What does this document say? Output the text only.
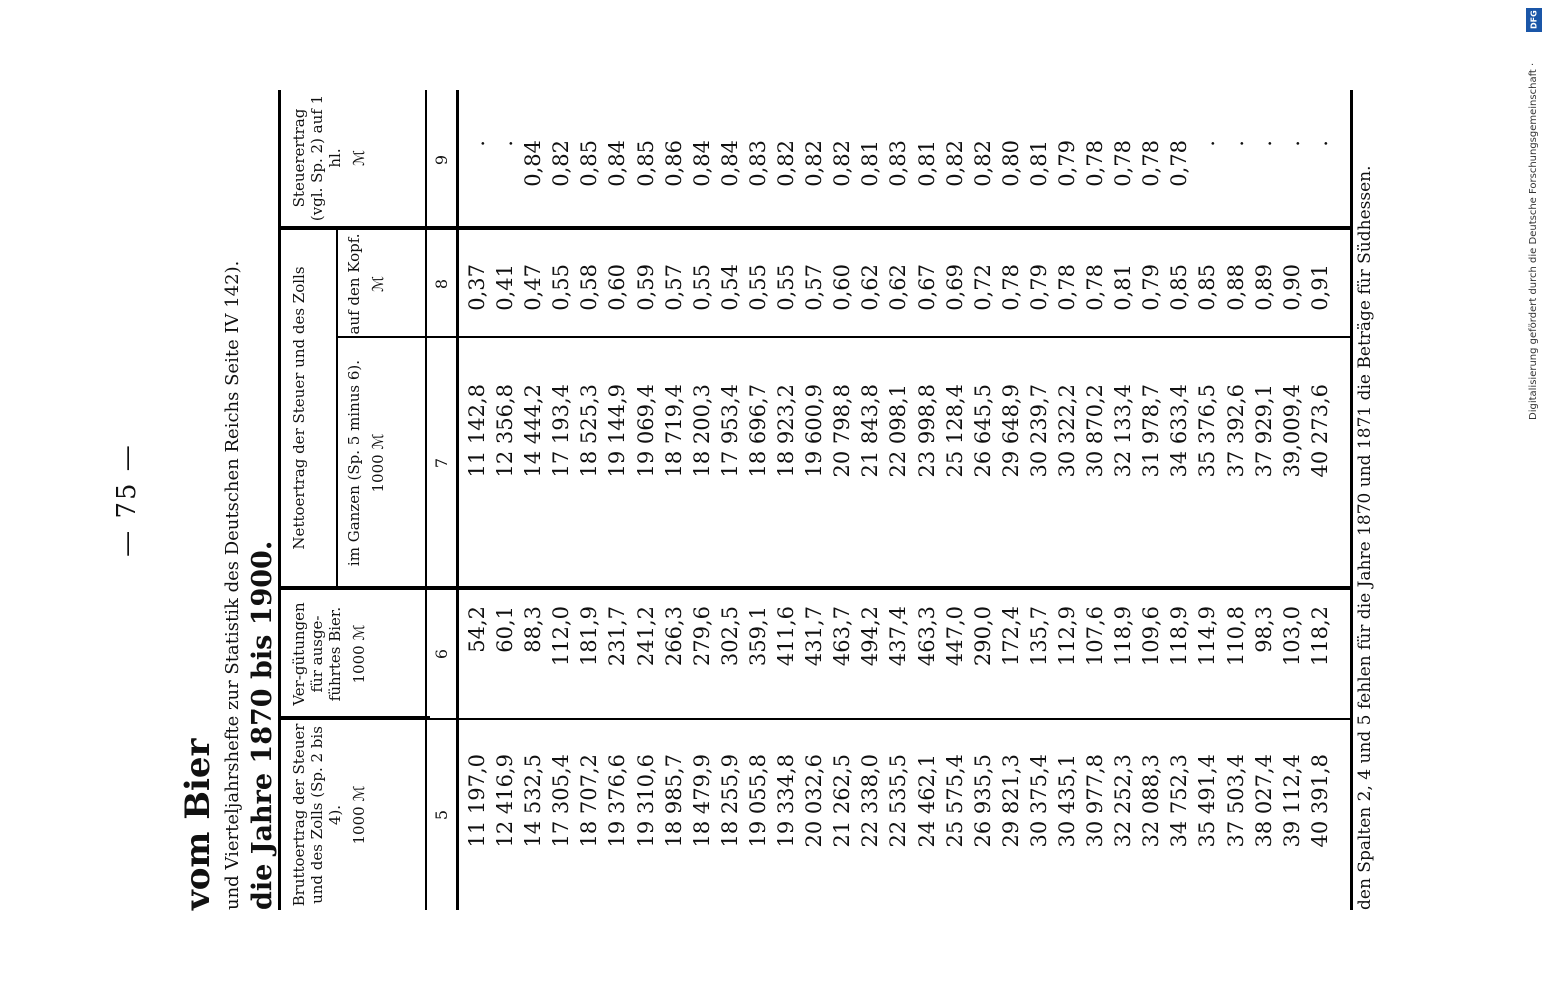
— 75 —
vom Bier und Vierteljahrshefte zur Statistik des Deutschen Reichs Seite IV 142). die Jahre 1870 bis 1900. Bruttoertrag der Steuer und des Zolls (Sp. 2 bis 4). 1000 ℳ
Ver-gütungen für ausge-führtes Bier. 1000 ℳ
Nettoertrag der Steuer und des Zolls im Ganzen (Sp. 5 minus 6). 1000 ℳ
auf den Kopf. ℳ
Steuerertrag (vgl. Sp. 2) auf 1 hl. ℳ
5
6
7
8
9
11 197,0 12 416,9 14 532,5 17 305,4 18 707,2 19 376,6 19 310,6 18 985,7 18 479,9 18 255,9 19 055,8 19 334,8 20 032,6 21 262,5 22 338,0 22 535,5 24 462,1 25 575,4 26 935,5 29 821,3 30 375,4 30 435,1 30 977,8 32 252,3 32 088,3 34 752,3 35 491,4 37 503,4 38 027,4 39 112,4 40 391,8
54,2 60,1 88,3 112,0 181,9 231,7 241,2 266,3 279,6 302,5 359,1 411,6 431,7 463,7 494,2 437,4 463,3 447,0 290,0 172,4 135,7 112,9 107,6 118,9 109,6 118,9 114,9 110,8 98,3 103,0 118,2
11 142,8 12 356,8 14 444,2 17 193,4 18 525,3 19 144,9 19 069,4 18 719,4 18 200,3 17 953,4 18 696,7 18 923,2 19 600,9 20 798,8 21 843,8 22 098,1 23 998,8 25 128,4 26 645,5 29 648,9 30 239,7 30 322,2 30 870,2 32 133,4 31 978,7 34 633,4 35 376,5 37 392,6 37 929,1 39,009,4 40 273,6
0,37 0,41 0,47 0,55 0,58 0,60 0,59 0,57 0,55 0,54 0,55 0,55 0,57 0,60 0,62 0,62 0,67 0,69 0,72 0,78 0,79 0,78 0,78 0,81 0,79 0,85 0,85 0,88 0,89 0,90 0,91
. . 0,84 0,82 0,85 0,84 0,85 0,86 0,84 0,84 0,83 0,82 0,82 0,82 0,81 0,83 0,81 0,82 0,82 0,80 0,81 0,79 0,78 0,78 0,78 0,78 . . . . .
den Spalten 2, 4 und 5 fehlen für die Jahre 1870 und 1871 die Beträge für Südhessen.
DFG
Digitalisierung gefördert durch die Deutsche Forschungsgemeinschaft ·
